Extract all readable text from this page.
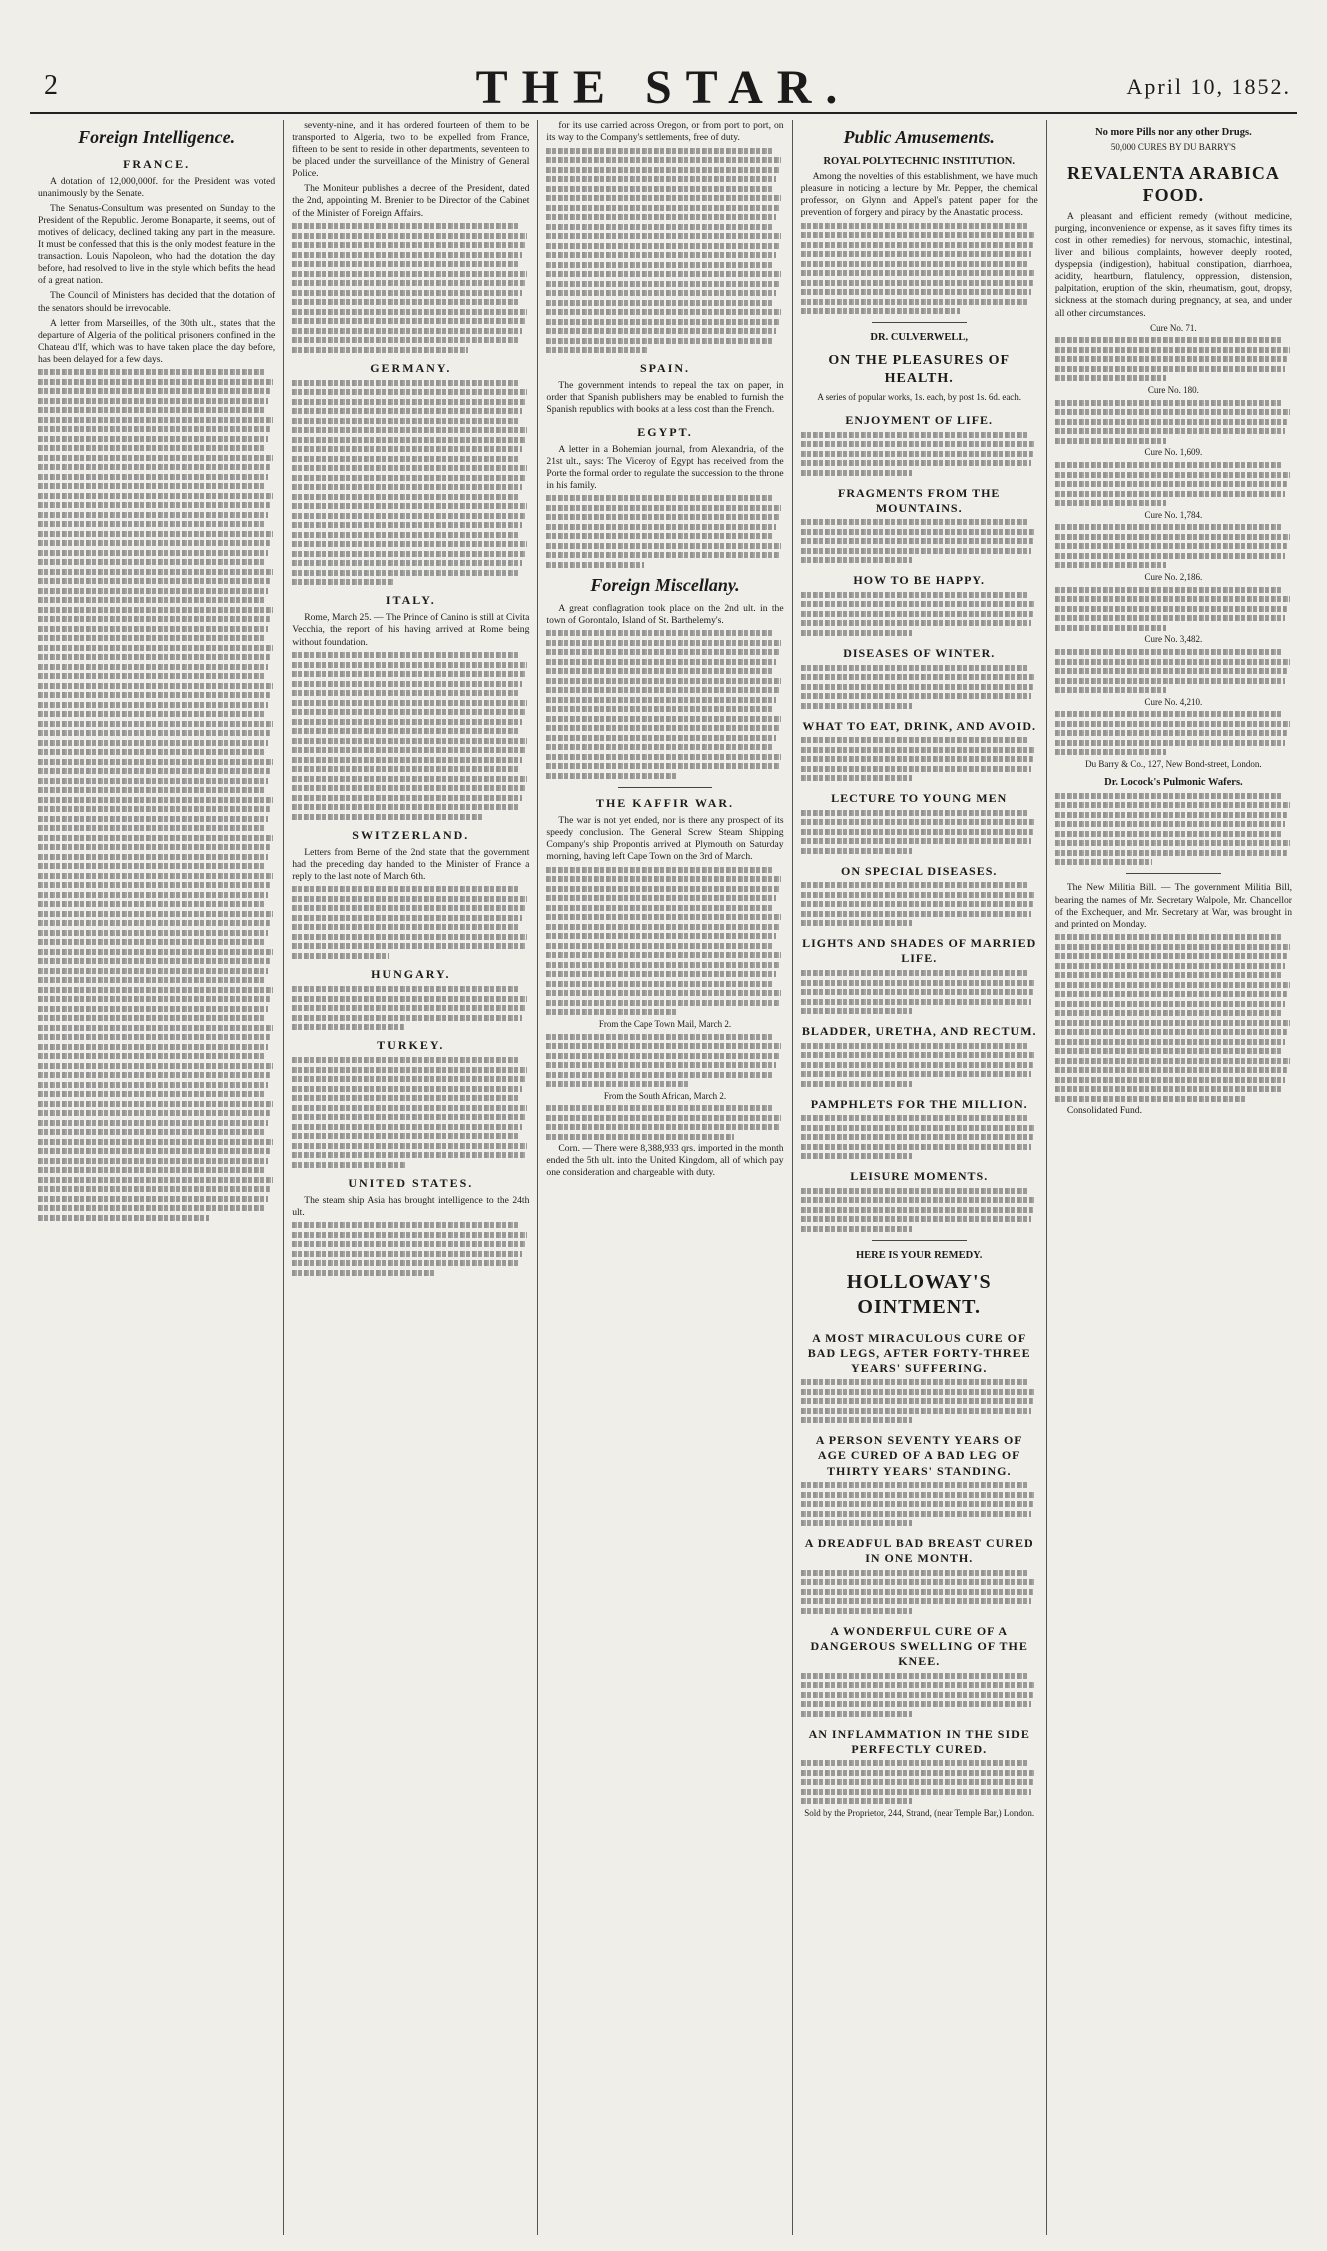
2	THE STAR.	April 10, 1852.
Foreign Intelligence.
FRANCE.

A dotation of 12,000,000f. for the President was voted unanimously by the Senate.

The Senatus-Consultum was presented on Sunday to the President of the Republic. Jerome Bonaparte, it seems, out of motives of delicacy, declined taking any part in the measure. It must be confessed that this is the only modest feature in the transaction. Louis Napoleon, who had the dotation the day before, had resolved to live in the style which befits the head of a great nation.

The Council of Ministers has decided that the dotation of the senators should be irrevocable.

A letter from Marseilles, of the 30th ult., states that the departure of Algeria of the political prisoners confined in the Chateau d'If, which was to have taken place the day before, has been delayed for a few days.

seventy-nine, and it has ordered fourteen of them to be transported to Algeria, two to be expelled from France, fifteen to be sent to reside in other departments, seventeen to be placed under the surveillance of the Ministry of General Police.

The Moniteur publishes a decree of the President, dated the 2nd, appointing M. Brenier to be Director of the Cabinet of the Minister of Foreign Affairs.

GERMANY.
ITALY.

Rome, March 25. — The Prince of Canino is still at Civita Vecchia, the report of his having arrived at Rome being without foundation.

SWITZERLAND.

Letters from Berne of the 2nd state that the government had the preceding day handed to the Minister of France a reply to the last note of March 6th.

HUNGARY.
TURKEY.
UNITED STATES.

The steam ship Asia has brought intelligence to the 24th ult.

for its use carried across Oregon, or from port to port, on its way to the Company's settlements, free of duty.

SPAIN.

The government intends to repeal the tax on paper, in order that Spanish publishers may be enabled to furnish the Spanish republics with books at a less cost than the French.

EGYPT.

A letter in a Bohemian journal, from Alexandria, of the 21st ult., says: The Viceroy of Egypt has received from the Porte the formal order to regulate the succession to the throne in his family.

Foreign Miscellany.

A great conflagration took place on the 2nd ult. in the town of Gorontalo, Island of St. Barthelemy's.

THE KAFFIR WAR.

The war is not yet ended, nor is there any prospect of its speedy conclusion. The General Screw Steam Shipping Company's ship Propontis arrived at Plymouth on Saturday morning, having left Cape Town on the 3rd of March.

From the Cape Town Mail, March 2.
From the South African, March 2.

Corn. — There were 8,388,933 qrs. imported in the month ended the 5th ult. into the United Kingdom, all of which pay one consideration and chargeable with duty.

Public Amusements.
ROYAL POLYTECHNIC INSTITUTION.

Among the novelties of this establishment, we have much pleasure in noticing a lecture by Mr. Pepper, the chemical professor, on Glynn and Appel's patent paper for the prevention of forgery and piracy by the Anastatic process.

DR. CULVERWELL,
ON THE PLEASURES OF HEALTH.
A series of popular works, 1s. each, by post 1s. 6d. each.
ENJOYMENT OF LIFE.
FRAGMENTS FROM THE MOUNTAINS.
HOW TO BE HAPPY.
DISEASES OF WINTER.
WHAT TO EAT, DRINK, AND AVOID.
LECTURE TO YOUNG MEN
ON SPECIAL DISEASES.
LIGHTS AND SHADES OF MARRIED LIFE.
BLADDER, URETHA, AND RECTUM.
PAMPHLETS FOR THE MILLION.
LEISURE MOMENTS.
HERE IS YOUR REMEDY.
HOLLOWAY'S OINTMENT.
A MOST MIRACULOUS CURE OF BAD LEGS, AFTER FORTY-THREE YEARS' SUFFERING.
A PERSON SEVENTY YEARS OF AGE CURED OF A BAD LEG OF THIRTY YEARS' STANDING.
A DREADFUL BAD BREAST CURED IN ONE MONTH.
A WONDERFUL CURE OF A DANGEROUS SWELLING OF THE KNEE.
AN INFLAMMATION IN THE SIDE PERFECTLY CURED.
Sold by the Proprietor, 244, Strand, (near Temple Bar,) London.
No more Pills nor any other Drugs.
50,000 CURES BY DU BARRY'S
REVALENTA ARABICA FOOD.

A pleasant and efficient remedy (without medicine, purging, inconvenience or expense, as it saves fifty times its cost in other remedies) for nervous, stomachic, intestinal, liver and bilious complaints, however deeply rooted, dyspepsia (indigestion), habitual constipation, diarrhoea, acidity, heartburn, flatulency, oppression, distension, palpitation, eruption of the skin, rheumatism, gout, dropsy, sickness at the stomach during pregnancy, at sea, and under all other circumstances.

Cure No. 71.
Cure No. 180.
Cure No. 1,609.
Cure No. 1,784.
Cure No. 2,186.
Cure No. 3,482.
Cure No. 4,210.
Du Barry & Co., 127, New Bond-street, London.
Dr. Locock's Pulmonic Wafers.

The New Militia Bill. — The government Militia Bill, bearing the names of Mr. Secretary Walpole, Mr. Chancellor of the Exchequer, and Mr. Secretary at War, was brought in and printed on Monday.

Consolidated Fund.
